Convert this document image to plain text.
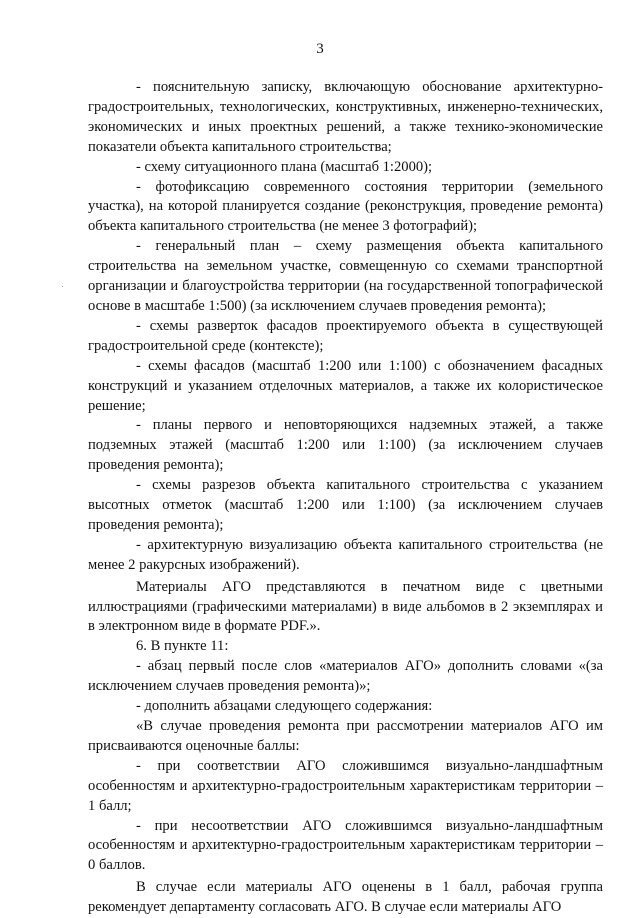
3

- пояснительную записку, включающую обоснование архитектурно-градостроительных, технологических, конструктивных, инженерно-технических, экономических и иных проектных решений, а также технико-экономические показатели объекта капитального строительства;

- схему ситуационного плана (масштаб 1:2000);

- фотофиксацию современного состояния территории (земельного участка), на которой планируется создание (реконструкция, проведение ремонта) объекта капитального строительства (не менее 3 фотографий);

- генеральный план – схему размещения объекта капитального строительства на земельном участке, совмещенную со схемами транспортной организации и благоустройства территории (на государственной топографической основе в масштабе 1:500) (за исключением случаев проведения ремонта);

- схемы разверток фасадов проектируемого объекта в существующей градостроительной среде (контексте);

- схемы фасадов (масштаб 1:200 или 1:100) с обозначением фасадных конструкций и указанием отделочных материалов, а также их колористическое решение;

- планы первого и неповторяющихся надземных этажей, а также подземных этажей (масштаб 1:200 или 1:100) (за исключением случаев проведения ремонта);

- схемы разрезов объекта капитального строительства с указанием высотных отметок (масштаб 1:200 или 1:100) (за исключением случаев проведения ремонта);

- архитектурную визуализацию объекта капитального строительства (не менее 2 ракурсных изображений).

Материалы АГО представляются в печатном виде с цветными иллюстрациями (графическими материалами) в виде альбомов в 2 экземплярах и в электронном виде в формате PDF.».

6. В пункте 11:

- абзац первый после слов «материалов АГО» дополнить словами «(за исключением случаев проведения ремонта)»;

- дополнить абзацами следующего содержания:

«В случае проведения ремонта при рассмотрении материалов АГО им присваиваются оценочные баллы:

- при соответствии АГО сложившимся визуально-ландшафтным особенностям и архитектурно-градостроительным характеристикам территории – 1 балл;

- при несоответствии АГО сложившимся визуально-ландшафтным особенностям и архитектурно-градостроительным характеристикам территории – 0 баллов.

В случае если материалы АГО оценены в 1 балл, рабочая группа рекомендует департаменту согласовать АГО. В случае если материалы АГО
